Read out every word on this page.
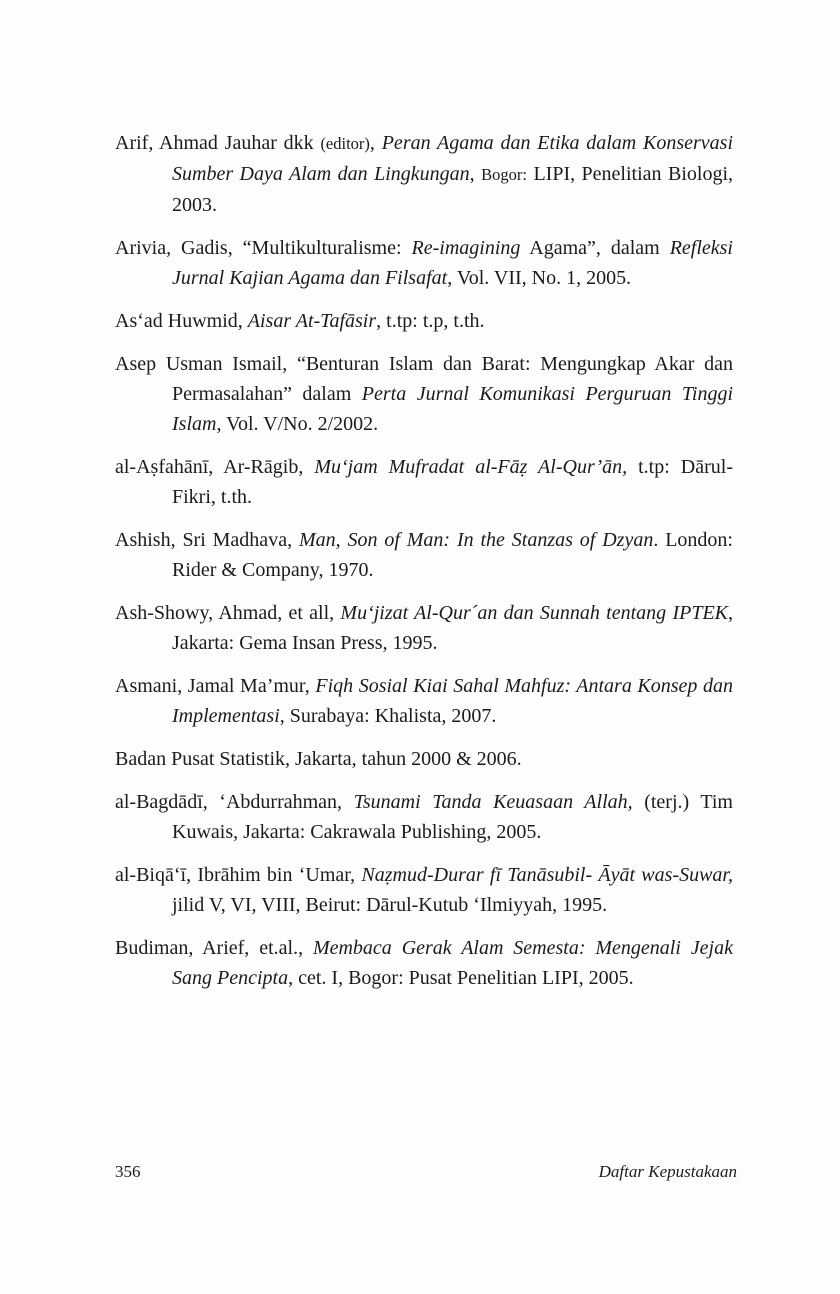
Arif, Ahmad Jauhar dkk (editor), Peran Agama dan Etika dalam Konservasi Sumber Daya Alam dan Lingkungan, Bogor: LIPI, Penelitian Biologi, 2003.

Arivia, Gadis, “Multikulturalisme: Re-imagining Agama”, dalam Refleksi Jurnal Kajian Agama dan Filsafat, Vol. VII, No. 1, 2005.

As‘ad Huwmid, Aisar At-Tafāsir, t.tp: t.p, t.th.

Asep Usman Ismail, “Benturan Islam dan Barat: Mengungkap Akar dan Permasalahan” dalam Perta Jurnal Komunikasi Perguruan Tinggi Islam, Vol. V/No. 2/2002.

al-Aṣfahānī, Ar-Rāgib, Mu‘jam Mufradat al-Fāẓ Al-Qur’ān, t.tp: Dārul-Fikri, t.th.

Ashish, Sri Madhava, Man, Son of Man: In the Stanzas of Dzyan. London: Rider & Company, 1970.

Ash-Showy, Ahmad, et all, Mu‘jizat Al-Qur´an dan Sunnah tentang IPTEK, Jakarta: Gema Insan Press, 1995.

Asmani, Jamal Ma’mur, Fiqh Sosial Kiai Sahal Mahfuz: Antara Konsep dan Implementasi, Surabaya: Khalista, 2007.

Badan Pusat Statistik, Jakarta, tahun 2000 & 2006.

al-Bagdādī, ‘Abdurrahman, Tsunami Tanda Keuasaan Allah, (terj.) Tim Kuwais, Jakarta: Cakrawala Publishing, 2005.

al-Biqā‘ī, Ibrāhim bin ‘Umar, Naẓmud-Durar fī Tanāsubil- Āyāt was-Suwar, jilid V, VI, VIII, Beirut: Dārul-Kutub ‘Ilmiyyah, 1995.

Budiman, Arief, et.al., Membaca Gerak Alam Semesta: Mengenali Jejak Sang Pencipta, cet. I, Bogor: Pusat Penelitian LIPI, 2005.

356	Daftar Kepustakaan
